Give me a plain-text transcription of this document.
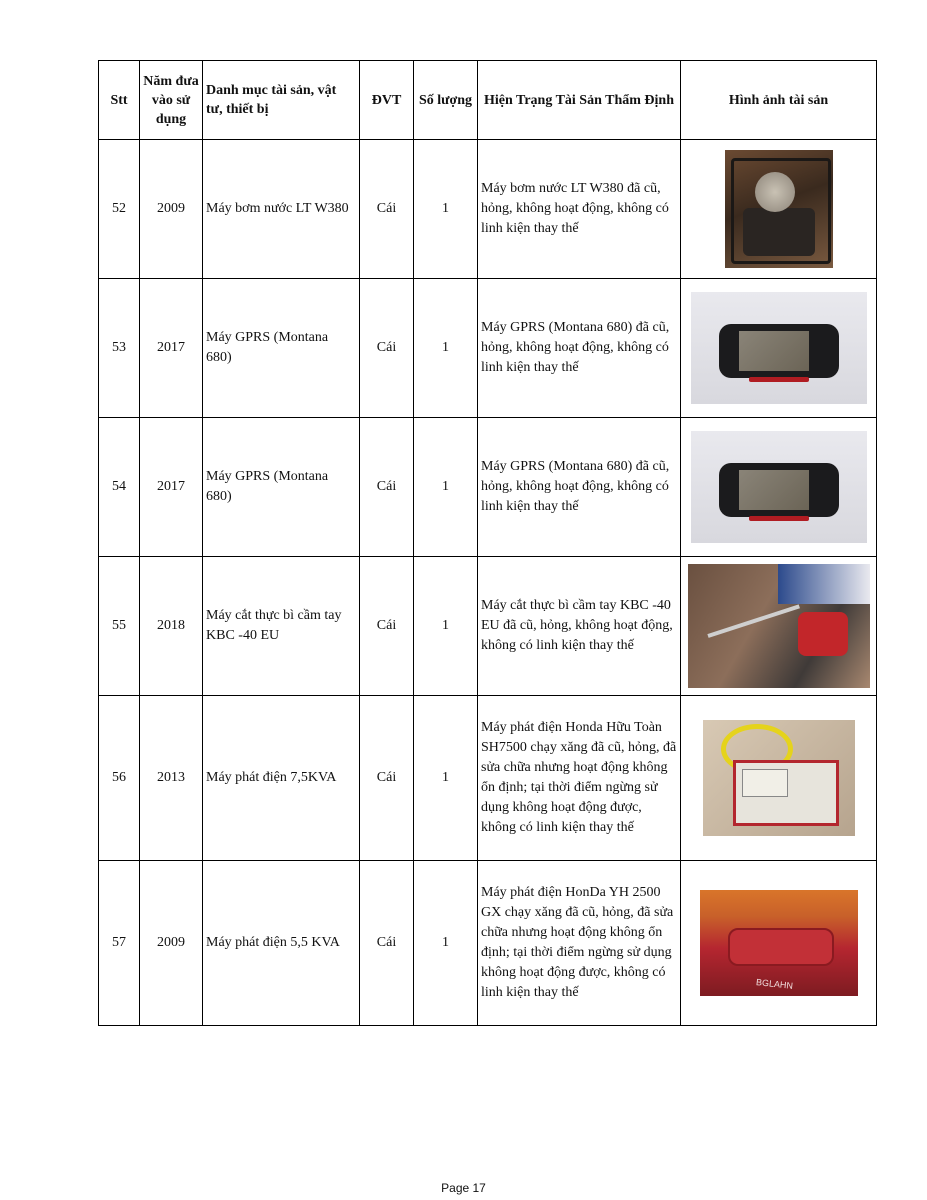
Stt	Năm đưa vào sử dụng	Danh mục tài sản, vật tư, thiết bị	ĐVT	Số lượng	Hiện Trạng Tài Sản Thẩm Định	Hình ảnh tài sản
52	2009	Máy bơm nước LT W380	Cái	1	Máy bơm nước LT W380 đã cũ, hỏng, không hoạt động, không có linh kiện thay thế	

53	2017	Máy GPRS (Montana 680)	Cái	1	Máy GPRS (Montana 680) đã cũ, hỏng, không hoạt động, không có linh kiện thay thế	

54	2017	Máy GPRS (Montana 680)	Cái	1	Máy GPRS (Montana 680) đã cũ, hỏng, không hoạt động, không có linh kiện thay thế	

55	2018	Máy cắt thực bì cầm tay KBC -40 EU	Cái	1	Máy cắt thực bì cầm tay KBC -40 EU đã cũ, hỏng, không hoạt động, không có linh kiện thay thế	

56	2013	Máy phát điện 7,5KVA	Cái	1	Máy phát điện Honda Hữu Toàn SH7500 chạy xăng đã cũ, hỏng, đã sửa chữa nhưng hoạt động không ổn định; tại thời điểm ngừng sử dụng không hoạt động được, không có linh kiện thay thế	

57	2009	Máy phát điện 5,5 KVA	Cái	1	Máy phát điện HonDa YH 2500 GX chạy xăng đã cũ, hỏng, đã sửa chữa nhưng hoạt động không ổn định; tại thời điểm ngừng sử dụng không hoạt động được, không có linh kiện thay thế	BGLAHN
Page 17
